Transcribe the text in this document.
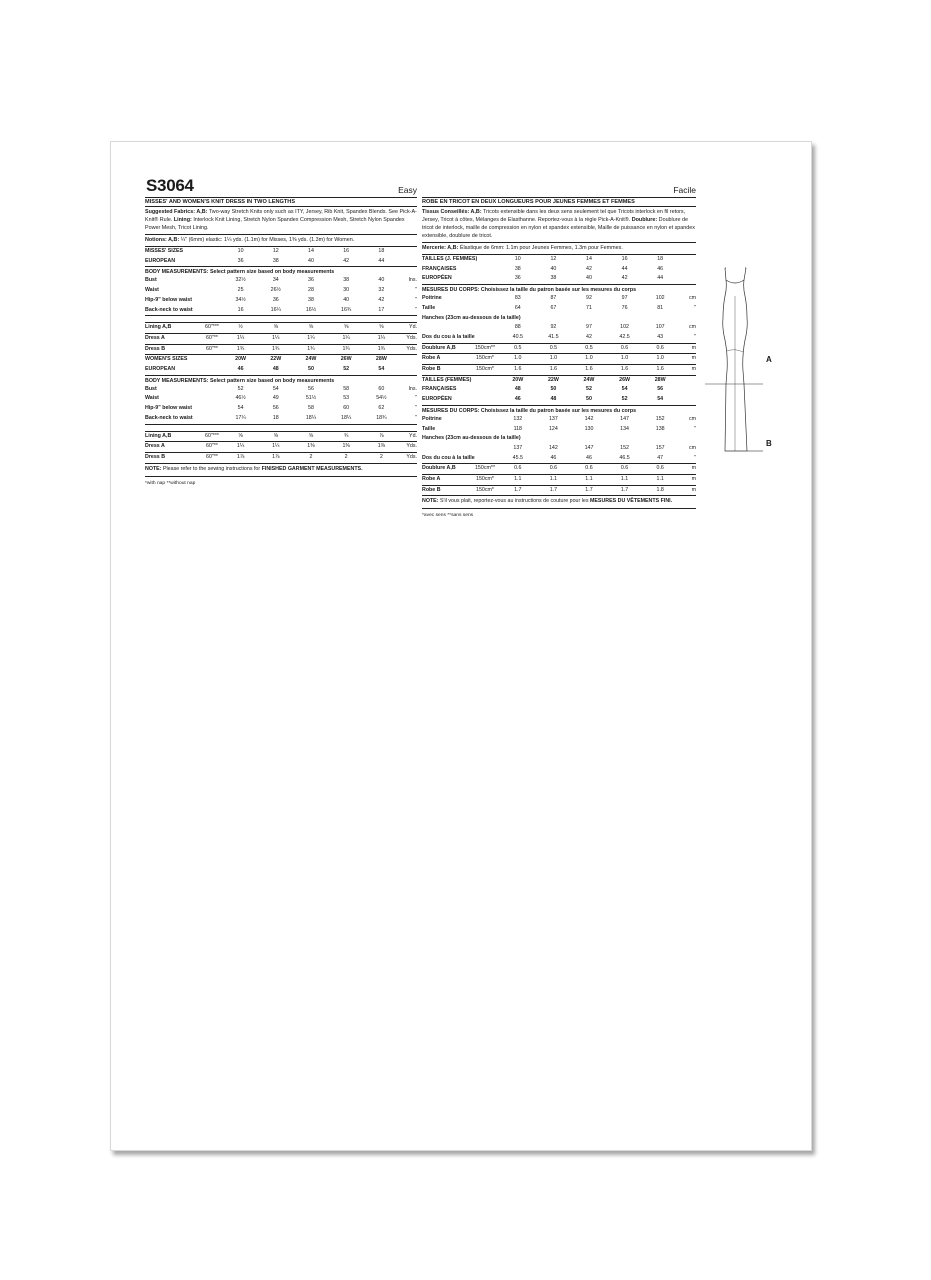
S3064	Easy
MISSES' AND WOMEN'S KNIT DRESS IN TWO LENGTHS

Suggested Fabrics: A,B: Two-way Stretch Knits only such as ITY, Jersey, Rib Knit, Spandex Blends. See Pick-A-Knit® Rule. Lining: Interlock Knit Lining, Stretch Nylon Spandex Compression Mesh, Stretch Nylon Spandex Power Mesh, Tricot Lining.

Notions: A,B: ¼" (6mm) elastic: 1¼ yds. (1.1m) for Misses, 1⅜ yds. (1.3m) for Women.

MISSES' SIZES	10	12	14	16	18	
EUROPEAN	36	38	40	42	44	
BODY MEASUREMENTS: Select pattern size based on body measurements
Bust		32½	34	36	38	40	Ins.
Waist		25	26½	28	30	32	"
Hip-9" below waist		34½	36	38	40	42	"
Back-neck to waist		16	16¼	16½	16¾	17	"

Lining A,B	60"***	½	⅝	⅝	⅝	⅝	Yd.
Dress A	60"**	1¼	1¼	1¼	1¼	1¼	Yds.
Dress B	60"**	1¾	1¾	1¾	1¾	1¾	Yds.
WOMEN'S SIZES	20W	22W	24W	26W	28W	
EUROPEAN	46	48	50	52	54	
BODY MEASUREMENTS: Select pattern size based on body measurements
Bust		52	54	56	58	60	Ins.
Waist		46½	49	51½	53	54½	"
Hip-9" below waist		54	56	58	60	62	"
Back-neck to waist		17¼	18	18¼	18¼	18¾	"

Lining A,B	60"***	⅝	⅝	⅝	¾	⅞	Yd.
Dress A	60"**	1¼	1¼	1⅜	1⅜	1⅜	Yds.
Dress B	60"**	1⅞	1⅞	2	2	2	Yds.
NOTE: Please refer to the sewing instructions for FINISHED GARMENT MEASUREMENTS.
*with nap **without nap
Facile
ROBE EN TRICOT EN DEUX LONGUEURS POUR JEUNES FEMMES ET FEMMES

Tissus Conseillés: A,B: Tricots extensible dans les deux sens seulement tel que Tricots interlock en fil retors, Jersey, Tricot à côtes, Mélanges de Elasthanne. Reportez-vous à la règle Pick-A-Knit®. Doublure: Doublure de tricot de interlock, maille de compression en nylon et spandex extensible, Maille de puissance en nylon et spandex extensible, doublure de tricot.

Mercerie: A,B: Élastique de 6mm: 1.1m pour Jeunes Femmes, 1.3m pour Femmes.

TAILLES (J. FEMMES)	10	12	14	16	18	
FRANÇAISES	38	40	42	44	46	
EUROPÉEN	36	38	40	42	44	
MESURES DU CORPS: Choisissez la taille du patron basée sur les mesures du corps
Poitrine		83	87	92	97	102	cm
Taille		64	67	71	76	81	"
Hanches (23cm au-dessous de la taille)							
		88	92	97	102	107	cm
Dos du cou à la taille		40.5	41.5	42	42.5	43	"
Doublure A,B	150cm**	0.5	0.5	0.5	0.6	0.6	m
Robe A	150cm*	1.0	1.0	1.0	1.0	1.0	m
Robe B	150cm*	1.6	1.6	1.6	1.6	1.6	m
TAILLES (FEMMES)	20W	22W	24W	26W	28W	
FRANÇAISES	48	50	52	54	56	
EUROPÉEN	46	48	50	52	54	
MESURES DU CORPS: Choisissez la taille du patron basée sur les mesures du corps
Poitrine		132	137	142	147	152	cm
Taille		118	124	130	134	138	"
Hanches (23cm au-dessous de la taille)							
		137	142	147	152	157	cm
Dos du cou à la taille		45.5	46	46	46.5	47	"
Doublure A,B	150cm**	0.6	0.6	0.6	0.6	0.6	m
Robe A	150cm*	1.1	1.1	1.1	1.1	1.1	m
Robe B	150cm*	1.7	1.7	1.7	1.7	1.8	m
NOTE: S'il vous plait, reportez-vous au instructions de couture pour les MESURES DU VÊTEMENTS FINI.
*avec sens **sans sens
A
B
